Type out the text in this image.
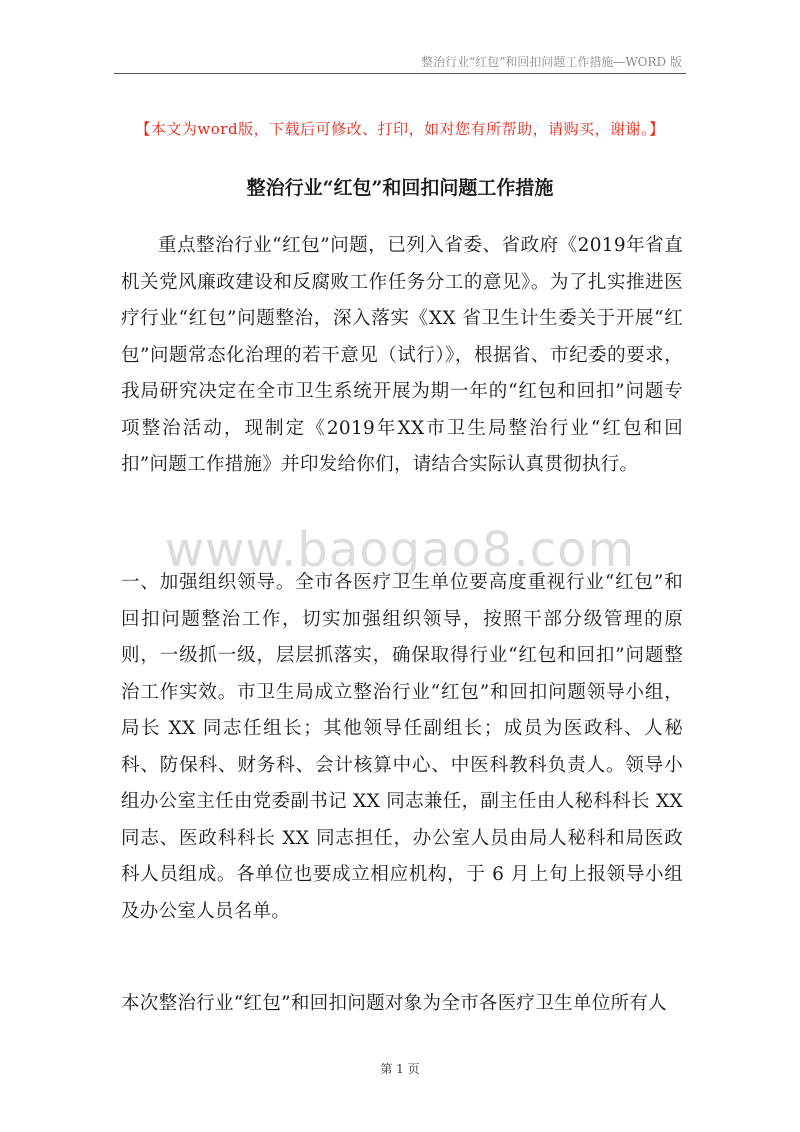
整治行业“红包”和回扣问题工作措施—WORD 版
【本文为word版，下载后可修改、打印，如对您有所帮助，请购买，谢谢。】
整治行业“红包”和回扣问题工作措施
重点整治行业“红包”问题，已列入省委、省政府《2019年省直机关党风廉政建设和反腐败工作任务分工的意见》。为了扎实推进医疗行业“红包”问题整治，深入落实《XX 省卫生计生委关于开展“红包”问题常态化治理的若干意见（试行）》，根据省、市纪委的要求，我局研究决定在全市卫生系统开展为期一年的“红包和回扣”问题专项整治活动，现制定《2019年XX市卫生局整治行业“红包和回扣”问题工作措施》并印发给你们，请结合实际认真贯彻执行。
www.baogao8.com
一、加强组织领导。全市各医疗卫生单位要高度重视行业“红包”和回扣问题整治工作，切实加强组织领导，按照干部分级管理的原则，一级抓一级，层层抓落实，确保取得行业“红包和回扣”问题整治工作实效。市卫生局成立整治行业“红包”和回扣问题领导小组，局长 XX 同志任组长；其他领导任副组长；成员为医政科、人秘科、防保科、财务科、会计核算中心、中医科教科负责人。领导小组办公室主任由党委副书记 XX 同志兼任，副主任由人秘科科长 XX 同志、医政科科长 XX 同志担任，办公室人员由局人秘科和局医政科人员组成。各单位也要成立相应机构，于 6 月上旬上报领导小组及办公室人员名单。
本次整治行业“红包”和回扣问题对象为全市各医疗卫生单位所有人
第 1 页
